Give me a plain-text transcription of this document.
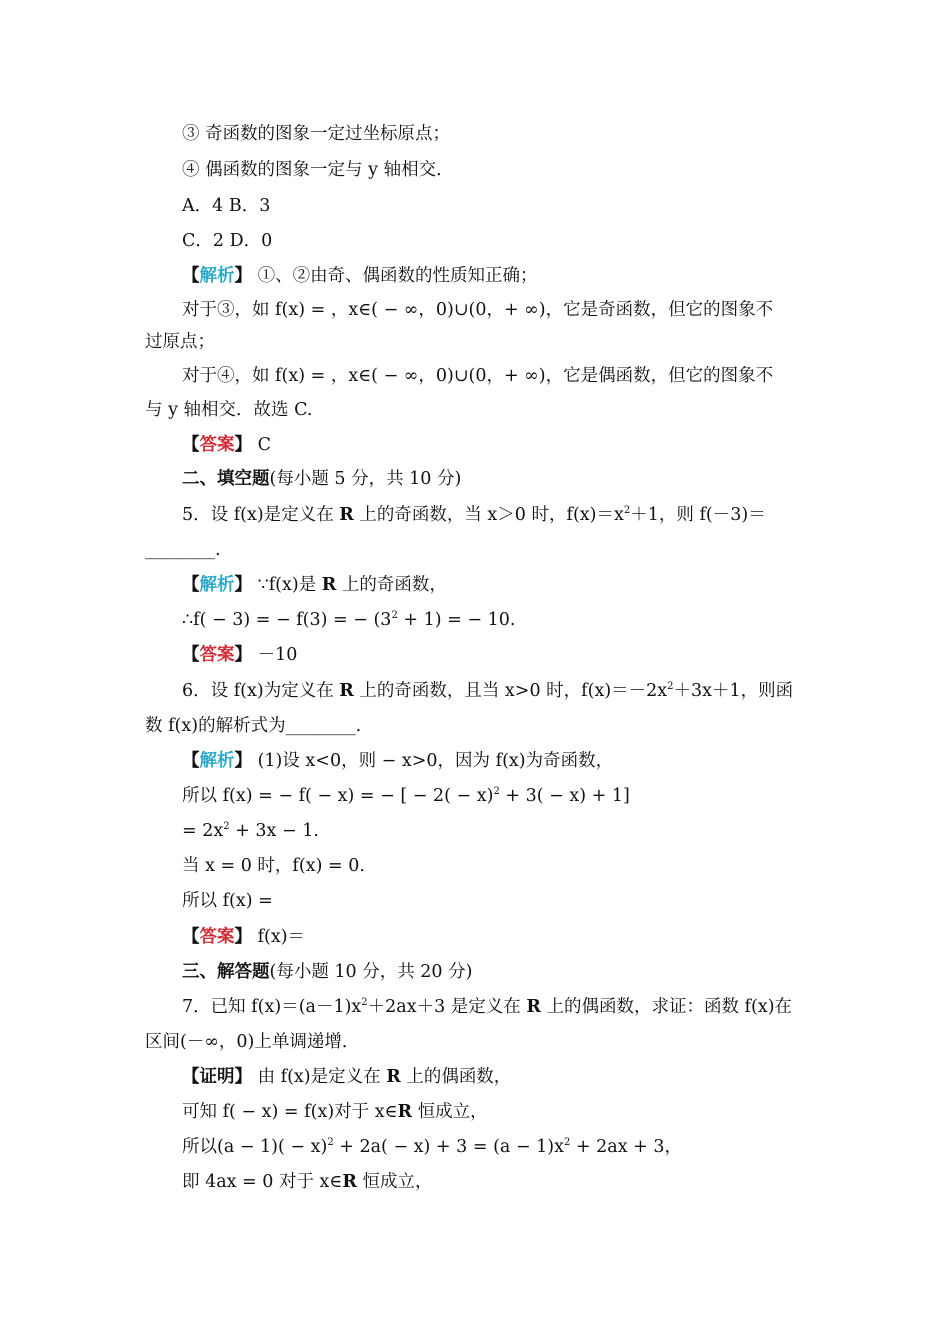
③ 奇函数的图象一定过坐标原点；
④ 偶函数的图象一定与 y 轴相交．
A．4 B．3
C．2 D．0
【解析】 ①、②由奇、偶函数的性质知正确；
对于③，如 f(x) = ，x∈( − ∞，0)∪(0，+ ∞)，它是奇函数，但它的图象不
过原点；
对于④，如 f(x) = ，x∈( − ∞，0)∪(0，+ ∞)，它是偶函数，但它的图象不
与 y 轴相交．故选 C.
【答案】 C
二、填空题(每小题 5 分，共 10 分)
5．设 f(x)是定义在 R 上的奇函数，当 x＞0 时，$f(x)=x^2+1$，则 f(－3)＝
________.
【解析】 ∵f(x)是 R 上的奇函数，
∴f( − 3) = − f(3) = − $(3^2 + 1)$ = − 10.
【答案】 －10
6．设 f(x)为定义在 R 上的奇函数，且当 x>0 时，$f(x)=-2x^2+3x+1$，则函
数 f(x)的解析式为________.
【解析】 (1)设 x<0，则 − x>0，因为 f(x)为奇函数，
所以 f(x) = − f( − x) = − [ − $2( - x)^2 + 3( - x) + 1$]
= $2x^2 + 3x - 1$.
当 x = 0 时，f(x) = 0.
所以 f(x) =
【答案】 f(x)＝
三、解答题(每小题 10 分，共 20 分)
7．已知 $f(x)=(a-1)x^2+2ax+3$ 是定义在 R 上的偶函数，求证：函数 f(x)在
区间(－∞，0)上单调递增．
【证明】 由 f(x)是定义在 R 上的偶函数，
可知 f( − x) = f(x)对于 x∈R 恒成立，
所以$(a - 1)( - x)^2 + 2a( - x) + 3 = (a - 1)x^2 + 2ax + 3$，
即 4ax = 0 对于 x∈R 恒成立，
